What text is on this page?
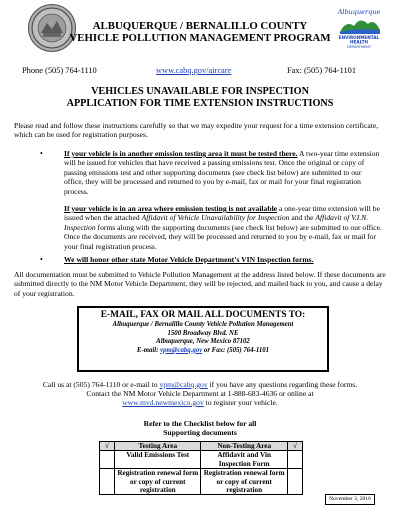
Albuquerque
ENVIRONMENTAL
HEALTH
DEPARTMENT
ALBUQUERQUE / BERNALILLO COUNTY
VEHICLE POLLUTION MANAGEMENT PROGRAM
Phone (505) 764-1110	www.cabq.gov/aircare	Fax: (505) 764-1101
VEHICLES UNAVAILABLE FOR INSPECTION
APPLICATION FOR TIME EXTENSION INSTRUCTIONS
Please read and follow these instructions carefully so that we may expedite your request for a time extension certificate, which can be used for registration purposes.
•	If your vehicle is in another emission testing area it must be tested there. A two-year time extension will be issued for vehicles that have received a passing emissions test. Once the original or copy of passing emissions test and other supporting documents (see check list below) are submitted to our office, they will be processed and returned to you by e-mail, fax or mail for your final registration process.
If your vehicle is in an area where emission testing is not available a one-year time extension will be issued when the attached Affidavit of Vehicle Unavailability for Inspection and the Affidavit of V.I.N. Inspection forms along with the supporting documents (see check list below) are submitted to our office. Once the documents are received, they will be processed and returned to you by e-mail, fax or mail for your final registration process.
•	We will honor other state Motor Vehicle Department’s VIN Inspection forms.
All documentation must be submitted to Vehicle Pollution Management at the address listed below. If these documents are submitted directly to the NM Motor Vehicle Department, they will be rejected, and mailed back to you, and cause a delay of your registration.
E-MAIL, FAX OR MAIL ALL DOCUMENTS TO:
Albuquerque / Bernalillo County Vehicle Pollution Management
1500 Broadway Blvd. NE
Albuquerque, New Mexico 87102
E-mail: vpm@cabq.gov or Fax: (505) 764-1101
Call us at (505) 764-1110 or e-mail to vpm@cabq.gov if you have any questions regarding these forms.
Contact the NM Motor Vehicle Department at 1-888-683-4636 or online at
www.mvd.newmexico.gov to register your vehicle.
Refer to the Checklist below for all
Supporting documents
√	Testing Area	Non-Testing Area	√
	Valid Emissions Test	Affidavit and Vin Inspection Form	
	Registration renewal form or copy of current registration	Registration renewal form or copy of current registration	
November 3, 2016
